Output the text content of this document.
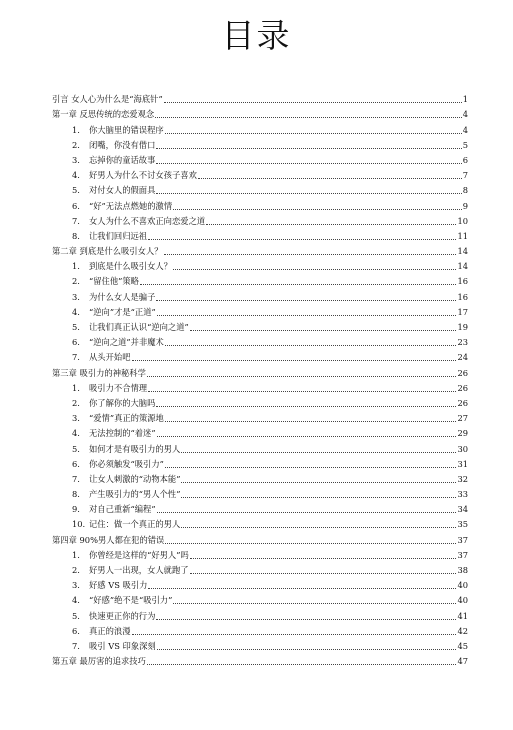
目录
引言 女人心为什么是“海底针”	1
第一章 反思传统的恋爱观念	4
1.	你大脑里的错误程序	4
2.	闭嘴，你没有借口	5
3.	忘掉你的童话故事	6
4.	好男人为什么不讨女孩子喜欢	7
5.	对付女人的假面具	8
6.	“好”无法点燃她的激情	9
7.	女人为什么不喜欢正向恋爱之道	10
8.	让我们回归远祖	11
第二章 到底是什么吸引女人？	14
1.	到底是什么吸引女人？	14
2.	“留住他”策略	16
3.	为什么女人是骗子	16
4.	“逆向”才是“正道”	17
5.	让我们真正认识“逆向之道”	19
6.	“逆向之道”并非魔术	23
7.	从头开始吧	24
第三章 吸引力的神秘科学	26
1.	吸引力不合情理	26
2.	你了解你的大脑吗	26
3.	“爱情”真正的策源地	27
4.	无法控制的“着迷”	29
5.	如何才是有吸引力的男人	30
6.	你必须触发“吸引力”	31
7.	让女人刺激的“动物本能”	32
8.	产生吸引力的“男人个性”	33
9.	对自己重新“编程”	34
10. 记住：做一个真正的男人	35
第四章 90%男人都在犯的错误	37
1.	你曾经是这样的“好男人”吗	37
2.	好男人一出现，女人就跑了	38
3.	好感 VS 吸引力	40
4.	“好感”绝不是“吸引力”	40
5.	快速更正你的行为	41
6.	真正的浪漫	42
7.	吸引 VS 印象深刻	45
第五章 最厉害的追求技巧	47
